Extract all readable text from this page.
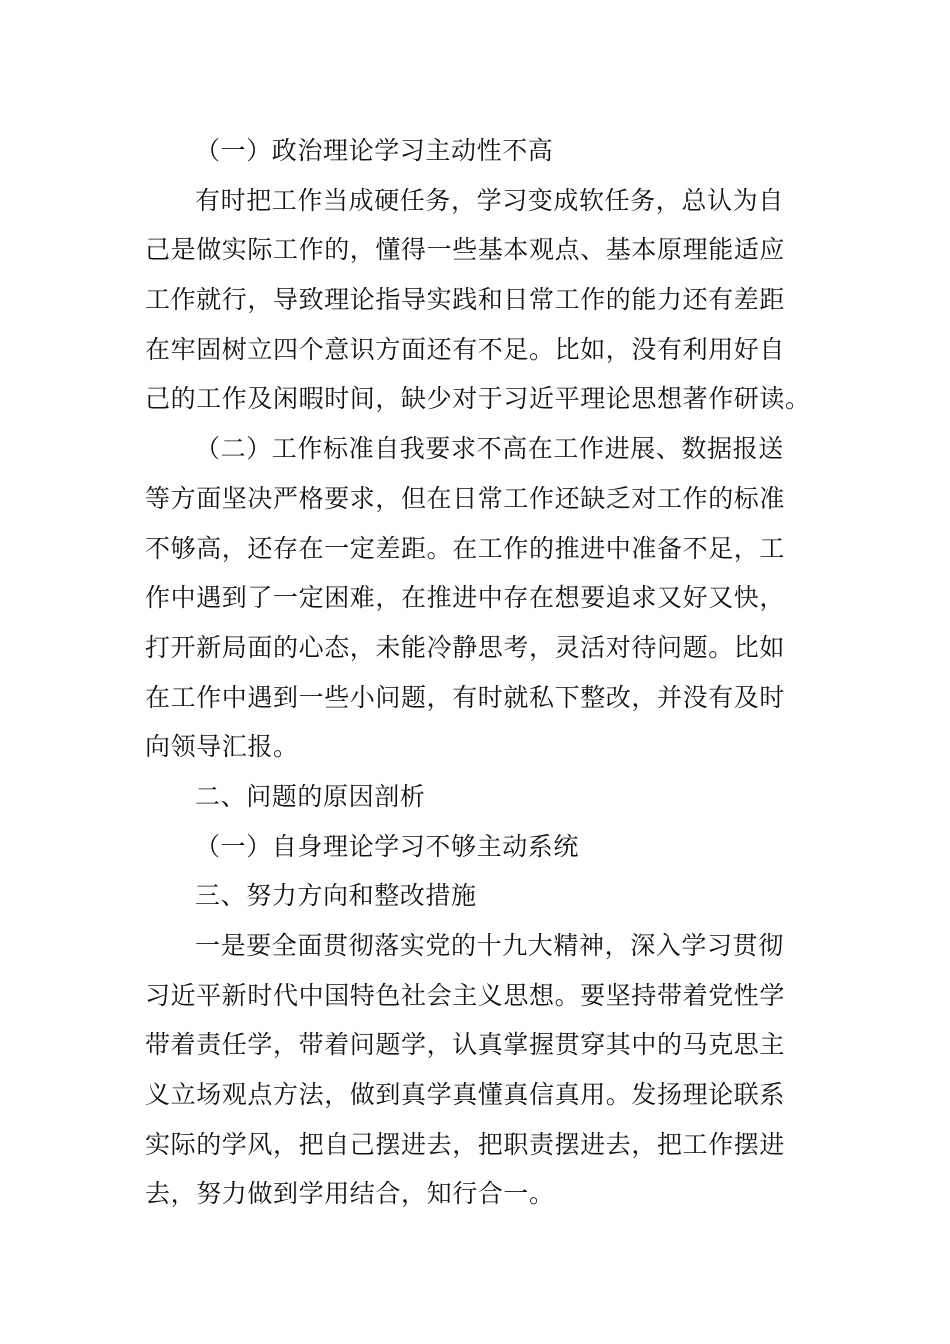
（一）政治理论学习主动性不高
有时把工作当成硬任务，学习变成软任务，总认为自
己是做实际工作的，懂得一些基本观点、基本原理能适应
工作就行，导致理论指导实践和日常工作的能力还有差距
在牢固树立四个意识方面还有不足。比如，没有利用好自
己的工作及闲暇时间，缺少对于习近平理论思想著作研读。
（二）工作标准自我要求不高在工作进展、数据报送
等方面坚决严格要求，但在日常工作还缺乏对工作的标准
不够高，还存在一定差距。在工作的推进中准备不足，工
作中遇到了一定困难，在推进中存在想要追求又好又快，
打开新局面的心态，未能冷静思考，灵活对待问题。比如
在工作中遇到一些小问题，有时就私下整改，并没有及时
向领导汇报。
二、问题的原因剖析
（一）自身理论学习不够主动系统
三、努力方向和整改措施
一是要全面贯彻落实党的十九大精神，深入学习贯彻
习近平新时代中国特色社会主义思想。要坚持带着党性学
带着责任学，带着问题学，认真掌握贯穿其中的马克思主
义立场观点方法，做到真学真懂真信真用。发扬理论联系
实际的学风，把自己摆进去，把职责摆进去，把工作摆进
去，努力做到学用结合，知行合一。
